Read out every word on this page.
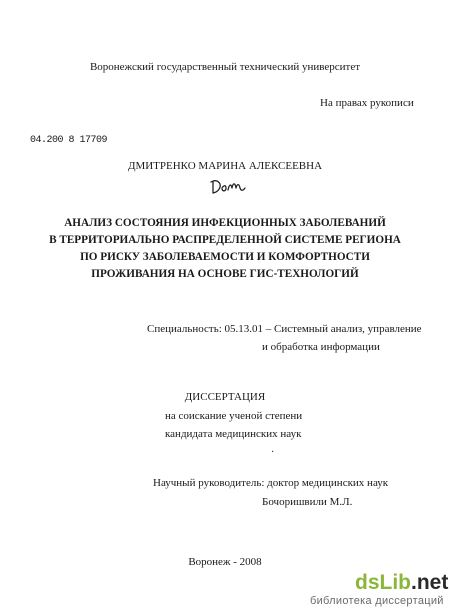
Воронежский государственный технический университет
На правах рукописи
04.200 8 17709
ДМИТРЕНКО МАРИНА АЛЕКСЕЕВНА
АНАЛИЗ СОСТОЯНИЯ ИНФЕКЦИОННЫХ ЗАБОЛЕВАНИЙ
В ТЕРРИТОРИАЛЬНО РАСПРЕДЕЛЕННОЙ СИСТЕМЕ РЕГИОНА
ПО РИСКУ ЗАБОЛЕВАЕМОСТИ И КОМФОРТНОСТИ
ПРОЖИВАНИЯ НА ОСНОВЕ ГИС-ТЕХНОЛОГИЙ
Специальность: 05.13.01 – Системный анализ, управление
и обработка информации
ДИССЕРТАЦИЯ
на соискание ученой степени
кандидата медицинских наук
·
Научный руководитель: доктор медицинских наук
Бочоришвили М.Л.
Воронеж - 2008
dsLib.net
библиотека диссертаций
